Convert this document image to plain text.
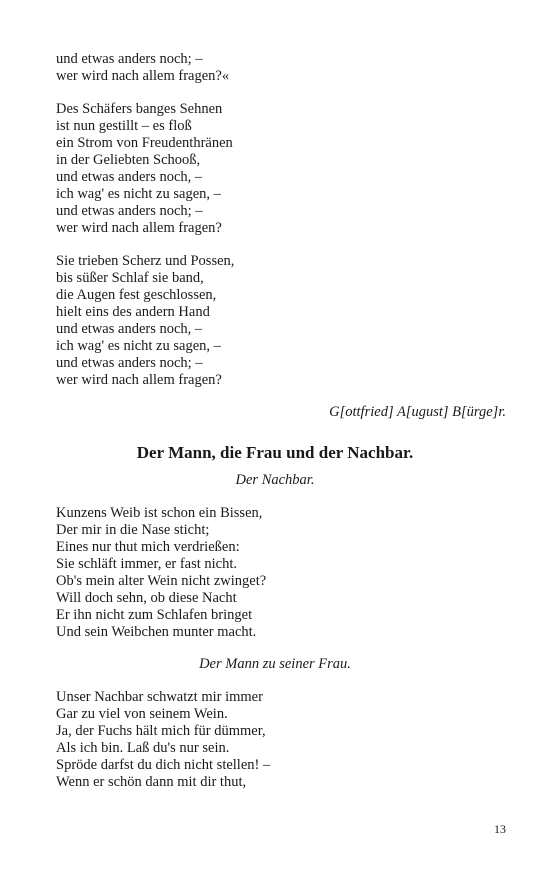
und etwas anders noch; –
wer wird nach allem fragen?«
Des Schäfers banges Sehnen
ist nun gestillt – es floß
ein Strom von Freudenthränen
in der Geliebten Schooß,
und etwas anders noch, –
ich wag' es nicht zu sagen, –
und etwas anders noch; –
wer wird nach allem fragen?
Sie trieben Scherz und Possen,
bis süßer Schlaf sie band,
die Augen fest geschlossen,
hielt eins des andern Hand
und etwas anders noch, –
ich wag' es nicht zu sagen, –
und etwas anders noch; –
wer wird nach allem fragen?
G[ottfried] A[ugust] B[ürge]r.
Der Mann, die Frau und der Nachbar.
Der Nachbar.
Kunzens Weib ist schon ein Bissen,
Der mir in die Nase sticht;
Eines nur thut mich verdrießen:
Sie schläft immer, er fast nicht.
Ob's mein alter Wein nicht zwinget?
Will doch sehn, ob diese Nacht
Er ihn nicht zum Schlafen bringet
Und sein Weibchen munter macht.
Der Mann zu seiner Frau.
Unser Nachbar schwatzt mir immer
Gar zu viel von seinem Wein.
Ja, der Fuchs hält mich für dümmer,
Als ich bin. Laß du's nur sein.
Spröde darfst du dich nicht stellen! –
Wenn er schön dann mit dir thut,
13
